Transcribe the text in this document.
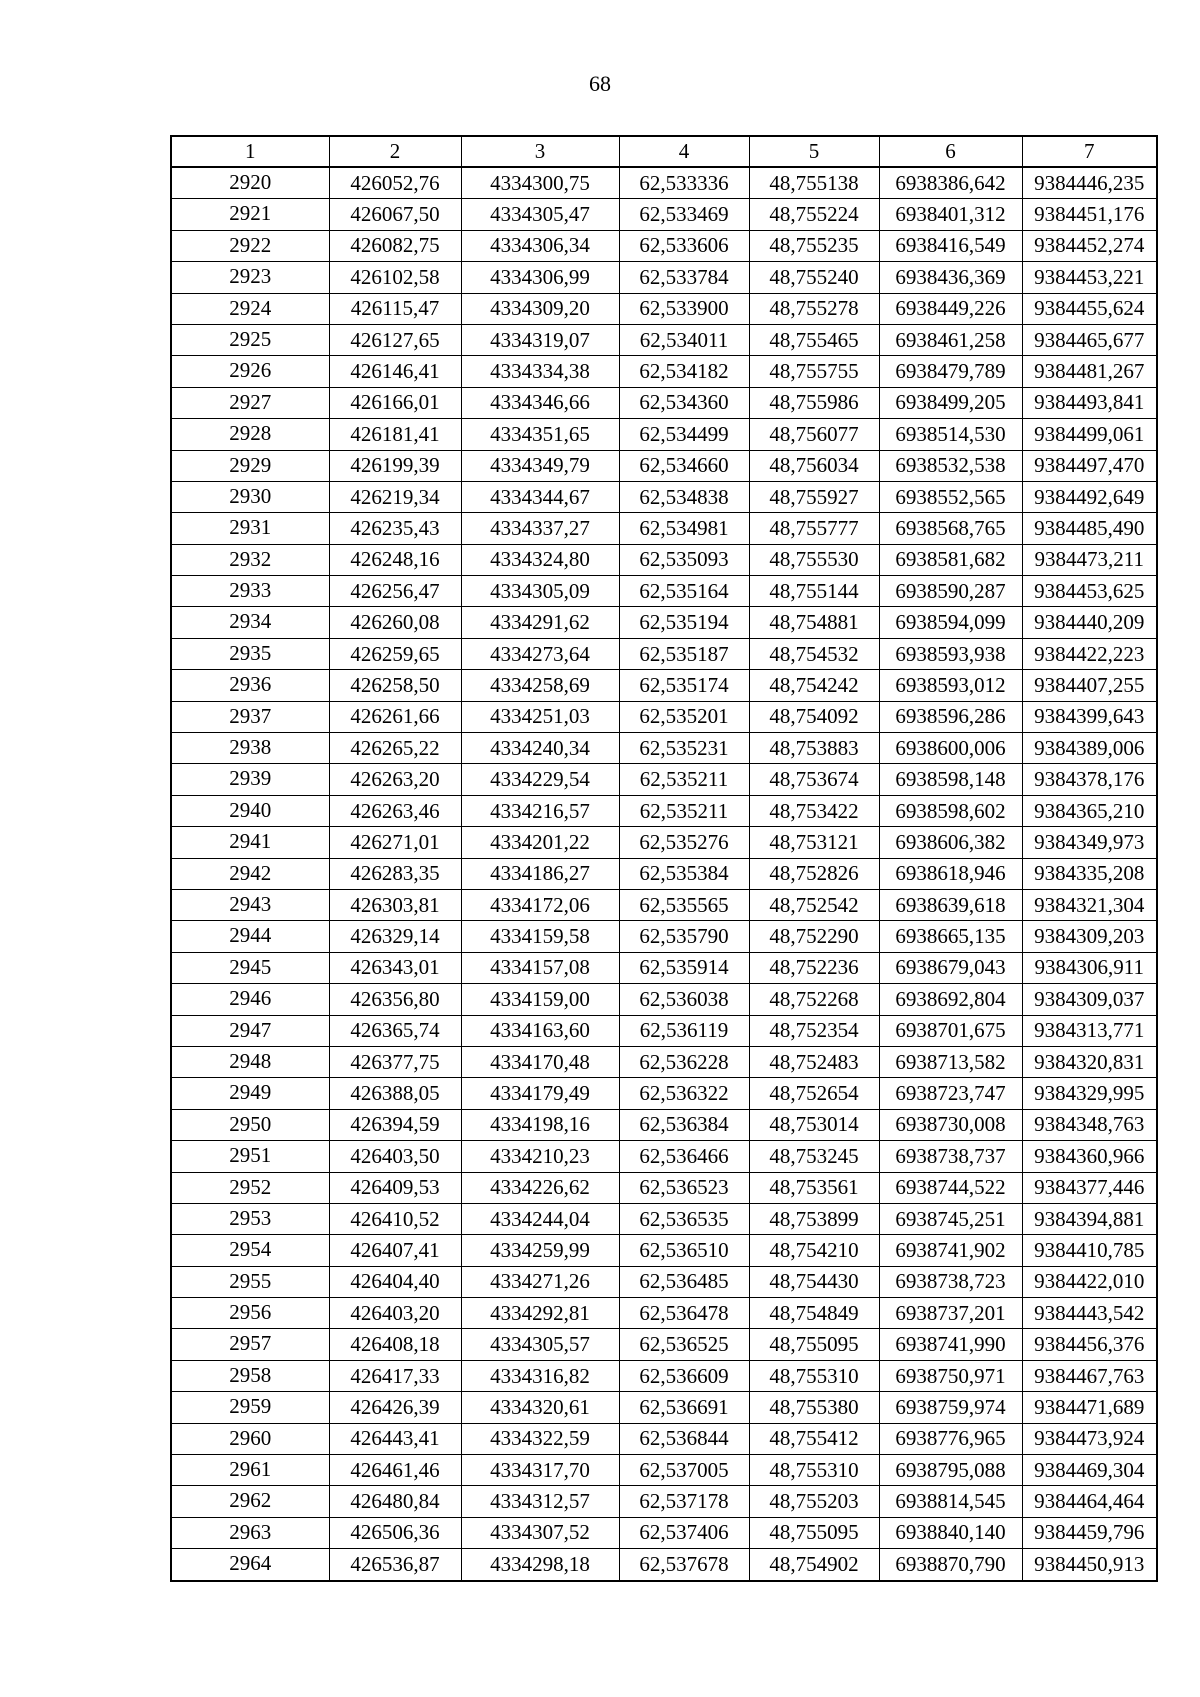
68
1	2	3	4	5	6	7
2920	426052,76	4334300,75	62,533336	48,755138	6938386,642	9384446,235
2921	426067,50	4334305,47	62,533469	48,755224	6938401,312	9384451,176
2922	426082,75	4334306,34	62,533606	48,755235	6938416,549	9384452,274
2923	426102,58	4334306,99	62,533784	48,755240	6938436,369	9384453,221
2924	426115,47	4334309,20	62,533900	48,755278	6938449,226	9384455,624
2925	426127,65	4334319,07	62,534011	48,755465	6938461,258	9384465,677
2926	426146,41	4334334,38	62,534182	48,755755	6938479,789	9384481,267
2927	426166,01	4334346,66	62,534360	48,755986	6938499,205	9384493,841
2928	426181,41	4334351,65	62,534499	48,756077	6938514,530	9384499,061
2929	426199,39	4334349,79	62,534660	48,756034	6938532,538	9384497,470
2930	426219,34	4334344,67	62,534838	48,755927	6938552,565	9384492,649
2931	426235,43	4334337,27	62,534981	48,755777	6938568,765	9384485,490
2932	426248,16	4334324,80	62,535093	48,755530	6938581,682	9384473,211
2933	426256,47	4334305,09	62,535164	48,755144	6938590,287	9384453,625
2934	426260,08	4334291,62	62,535194	48,754881	6938594,099	9384440,209
2935	426259,65	4334273,64	62,535187	48,754532	6938593,938	9384422,223
2936	426258,50	4334258,69	62,535174	48,754242	6938593,012	9384407,255
2937	426261,66	4334251,03	62,535201	48,754092	6938596,286	9384399,643
2938	426265,22	4334240,34	62,535231	48,753883	6938600,006	9384389,006
2939	426263,20	4334229,54	62,535211	48,753674	6938598,148	9384378,176
2940	426263,46	4334216,57	62,535211	48,753422	6938598,602	9384365,210
2941	426271,01	4334201,22	62,535276	48,753121	6938606,382	9384349,973
2942	426283,35	4334186,27	62,535384	48,752826	6938618,946	9384335,208
2943	426303,81	4334172,06	62,535565	48,752542	6938639,618	9384321,304
2944	426329,14	4334159,58	62,535790	48,752290	6938665,135	9384309,203
2945	426343,01	4334157,08	62,535914	48,752236	6938679,043	9384306,911
2946	426356,80	4334159,00	62,536038	48,752268	6938692,804	9384309,037
2947	426365,74	4334163,60	62,536119	48,752354	6938701,675	9384313,771
2948	426377,75	4334170,48	62,536228	48,752483	6938713,582	9384320,831
2949	426388,05	4334179,49	62,536322	48,752654	6938723,747	9384329,995
2950	426394,59	4334198,16	62,536384	48,753014	6938730,008	9384348,763
2951	426403,50	4334210,23	62,536466	48,753245	6938738,737	9384360,966
2952	426409,53	4334226,62	62,536523	48,753561	6938744,522	9384377,446
2953	426410,52	4334244,04	62,536535	48,753899	6938745,251	9384394,881
2954	426407,41	4334259,99	62,536510	48,754210	6938741,902	9384410,785
2955	426404,40	4334271,26	62,536485	48,754430	6938738,723	9384422,010
2956	426403,20	4334292,81	62,536478	48,754849	6938737,201	9384443,542
2957	426408,18	4334305,57	62,536525	48,755095	6938741,990	9384456,376
2958	426417,33	4334316,82	62,536609	48,755310	6938750,971	9384467,763
2959	426426,39	4334320,61	62,536691	48,755380	6938759,974	9384471,689
2960	426443,41	4334322,59	62,536844	48,755412	6938776,965	9384473,924
2961	426461,46	4334317,70	62,537005	48,755310	6938795,088	9384469,304
2962	426480,84	4334312,57	62,537178	48,755203	6938814,545	9384464,464
2963	426506,36	4334307,52	62,537406	48,755095	6938840,140	9384459,796
2964	426536,87	4334298,18	62,537678	48,754902	6938870,790	9384450,913
